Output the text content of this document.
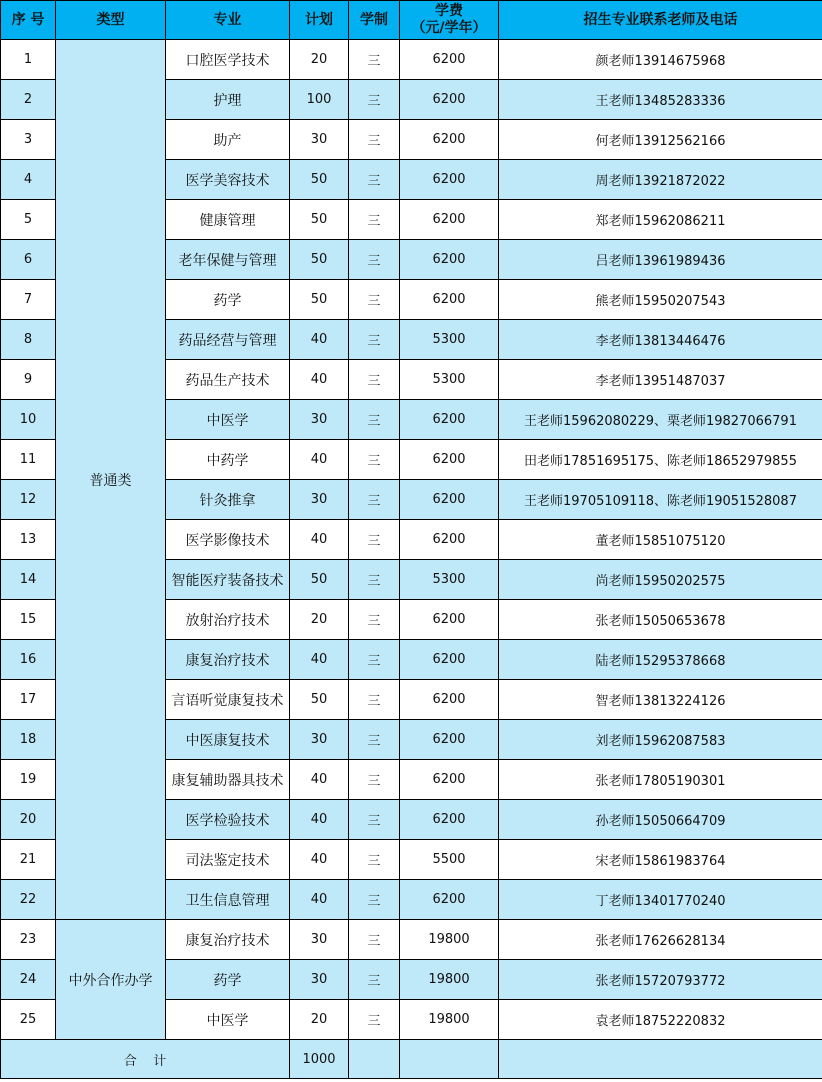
序 号	类型	专业	计划	学制	学费
（元/学年）	招生专业联系老师及电话
1	普通类	口腔医学技术	20	三	6200	颜老师13914675968
2		护理	100	三	6200	王老师13485283336
3		助产	30	三	6200	何老师13912562166
4		医学美容技术	50	三	6200	周老师13921872022
5		健康管理	50	三	6200	郑老师15962086211
6		老年保健与管理	50	三	6200	吕老师13961989436
7		药学	50	三	6200	熊老师15950207543
8		药品经营与管理	40	三	5300	李老师13813446476
9		药品生产技术	40	三	5300	李老师13951487037
10		中医学	30	三	6200	王老师15962080229、栗老师19827066791
11		中药学	40	三	6200	田老师17851695175、陈老师18652979855
12		针灸推拿	30	三	6200	王老师19705109118、陈老师19051528087
13		医学影像技术	40	三	6200	董老师15851075120
14		智能医疗装备技术	50	三	5300	尚老师15950202575
15		放射治疗技术	20	三	6200	张老师15050653678
16		康复治疗技术	40	三	6200	陆老师15295378668
17		言语听觉康复技术	50	三	6200	智老师13813224126
18		中医康复技术	30	三	6200	刘老师15962087583
19		康复辅助器具技术	40	三	6200	张老师17805190301
20		医学检验技术	40	三	6200	孙老师15050664709
21		司法鉴定技术	40	三	5500	宋老师15861983764
22		卫生信息管理	40	三	6200	丁老师13401770240
23	中外合作办学	康复治疗技术	30	三	19800	张老师17626628134
24		药学	30	三	19800	张老师15720793772
25		中医学	20	三	19800	袁老师18752220832
合    计			1000			
